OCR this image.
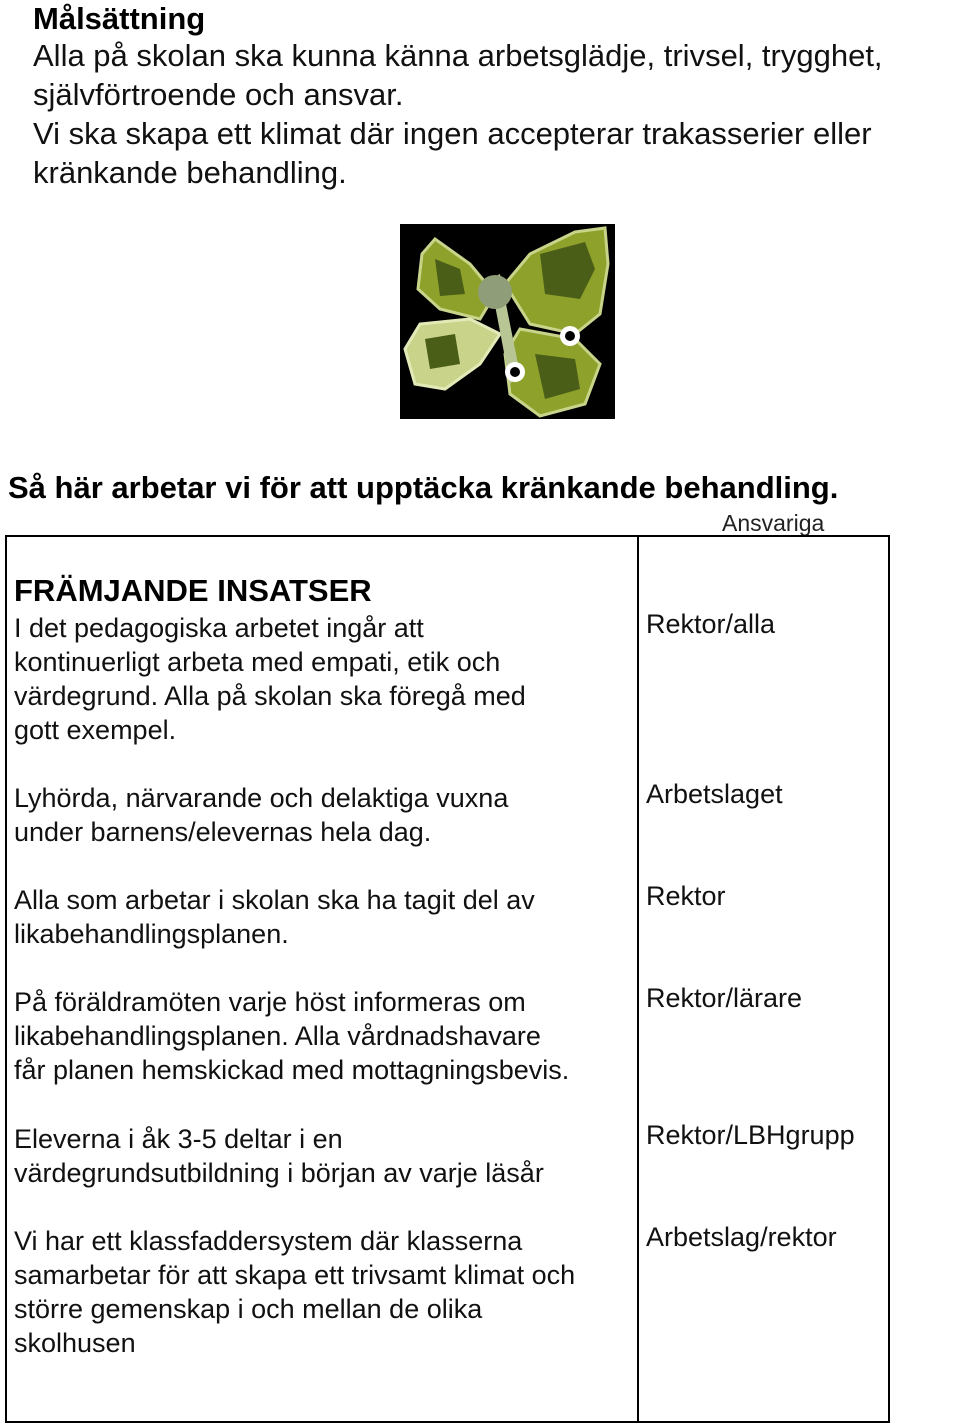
Målsättning
Alla på skolan ska kunna känna arbetsglädje, trivsel, trygghet,
självförtroende och ansvar.
Vi ska skapa ett klimat där ingen accepterar trakasserier eller
kränkande behandling.
Så här arbetar vi för att upptäcka kränkande behandling.
Ansvariga
FRÄMJANDE INSATSER
I det pedagogiska arbetet ingår att
kontinuerligt arbeta med empati, etik och
värdegrund. Alla på skolan ska föregå med
gott exempel.
Rektor/alla
Lyhörda, närvarande och delaktiga vuxna
under barnens/elevernas hela dag.
Arbetslaget
Alla som arbetar i skolan ska ha tagit del av
likabehandlingsplanen.
Rektor
På föräldramöten varje höst informeras om
likabehandlingsplanen. Alla vårdnadshavare
får planen hemskickad med mottagningsbevis.
Rektor/lärare
Eleverna i åk 3-5 deltar i en
värdegrundsutbildning i början av varje läsår
Rektor/LBHgrupp
Vi har ett klassfaddersystem där klasserna
samarbetar för att skapa ett trivsamt klimat och
större gemenskap i och mellan de olika
skolhusen
Arbetslag/rektor
